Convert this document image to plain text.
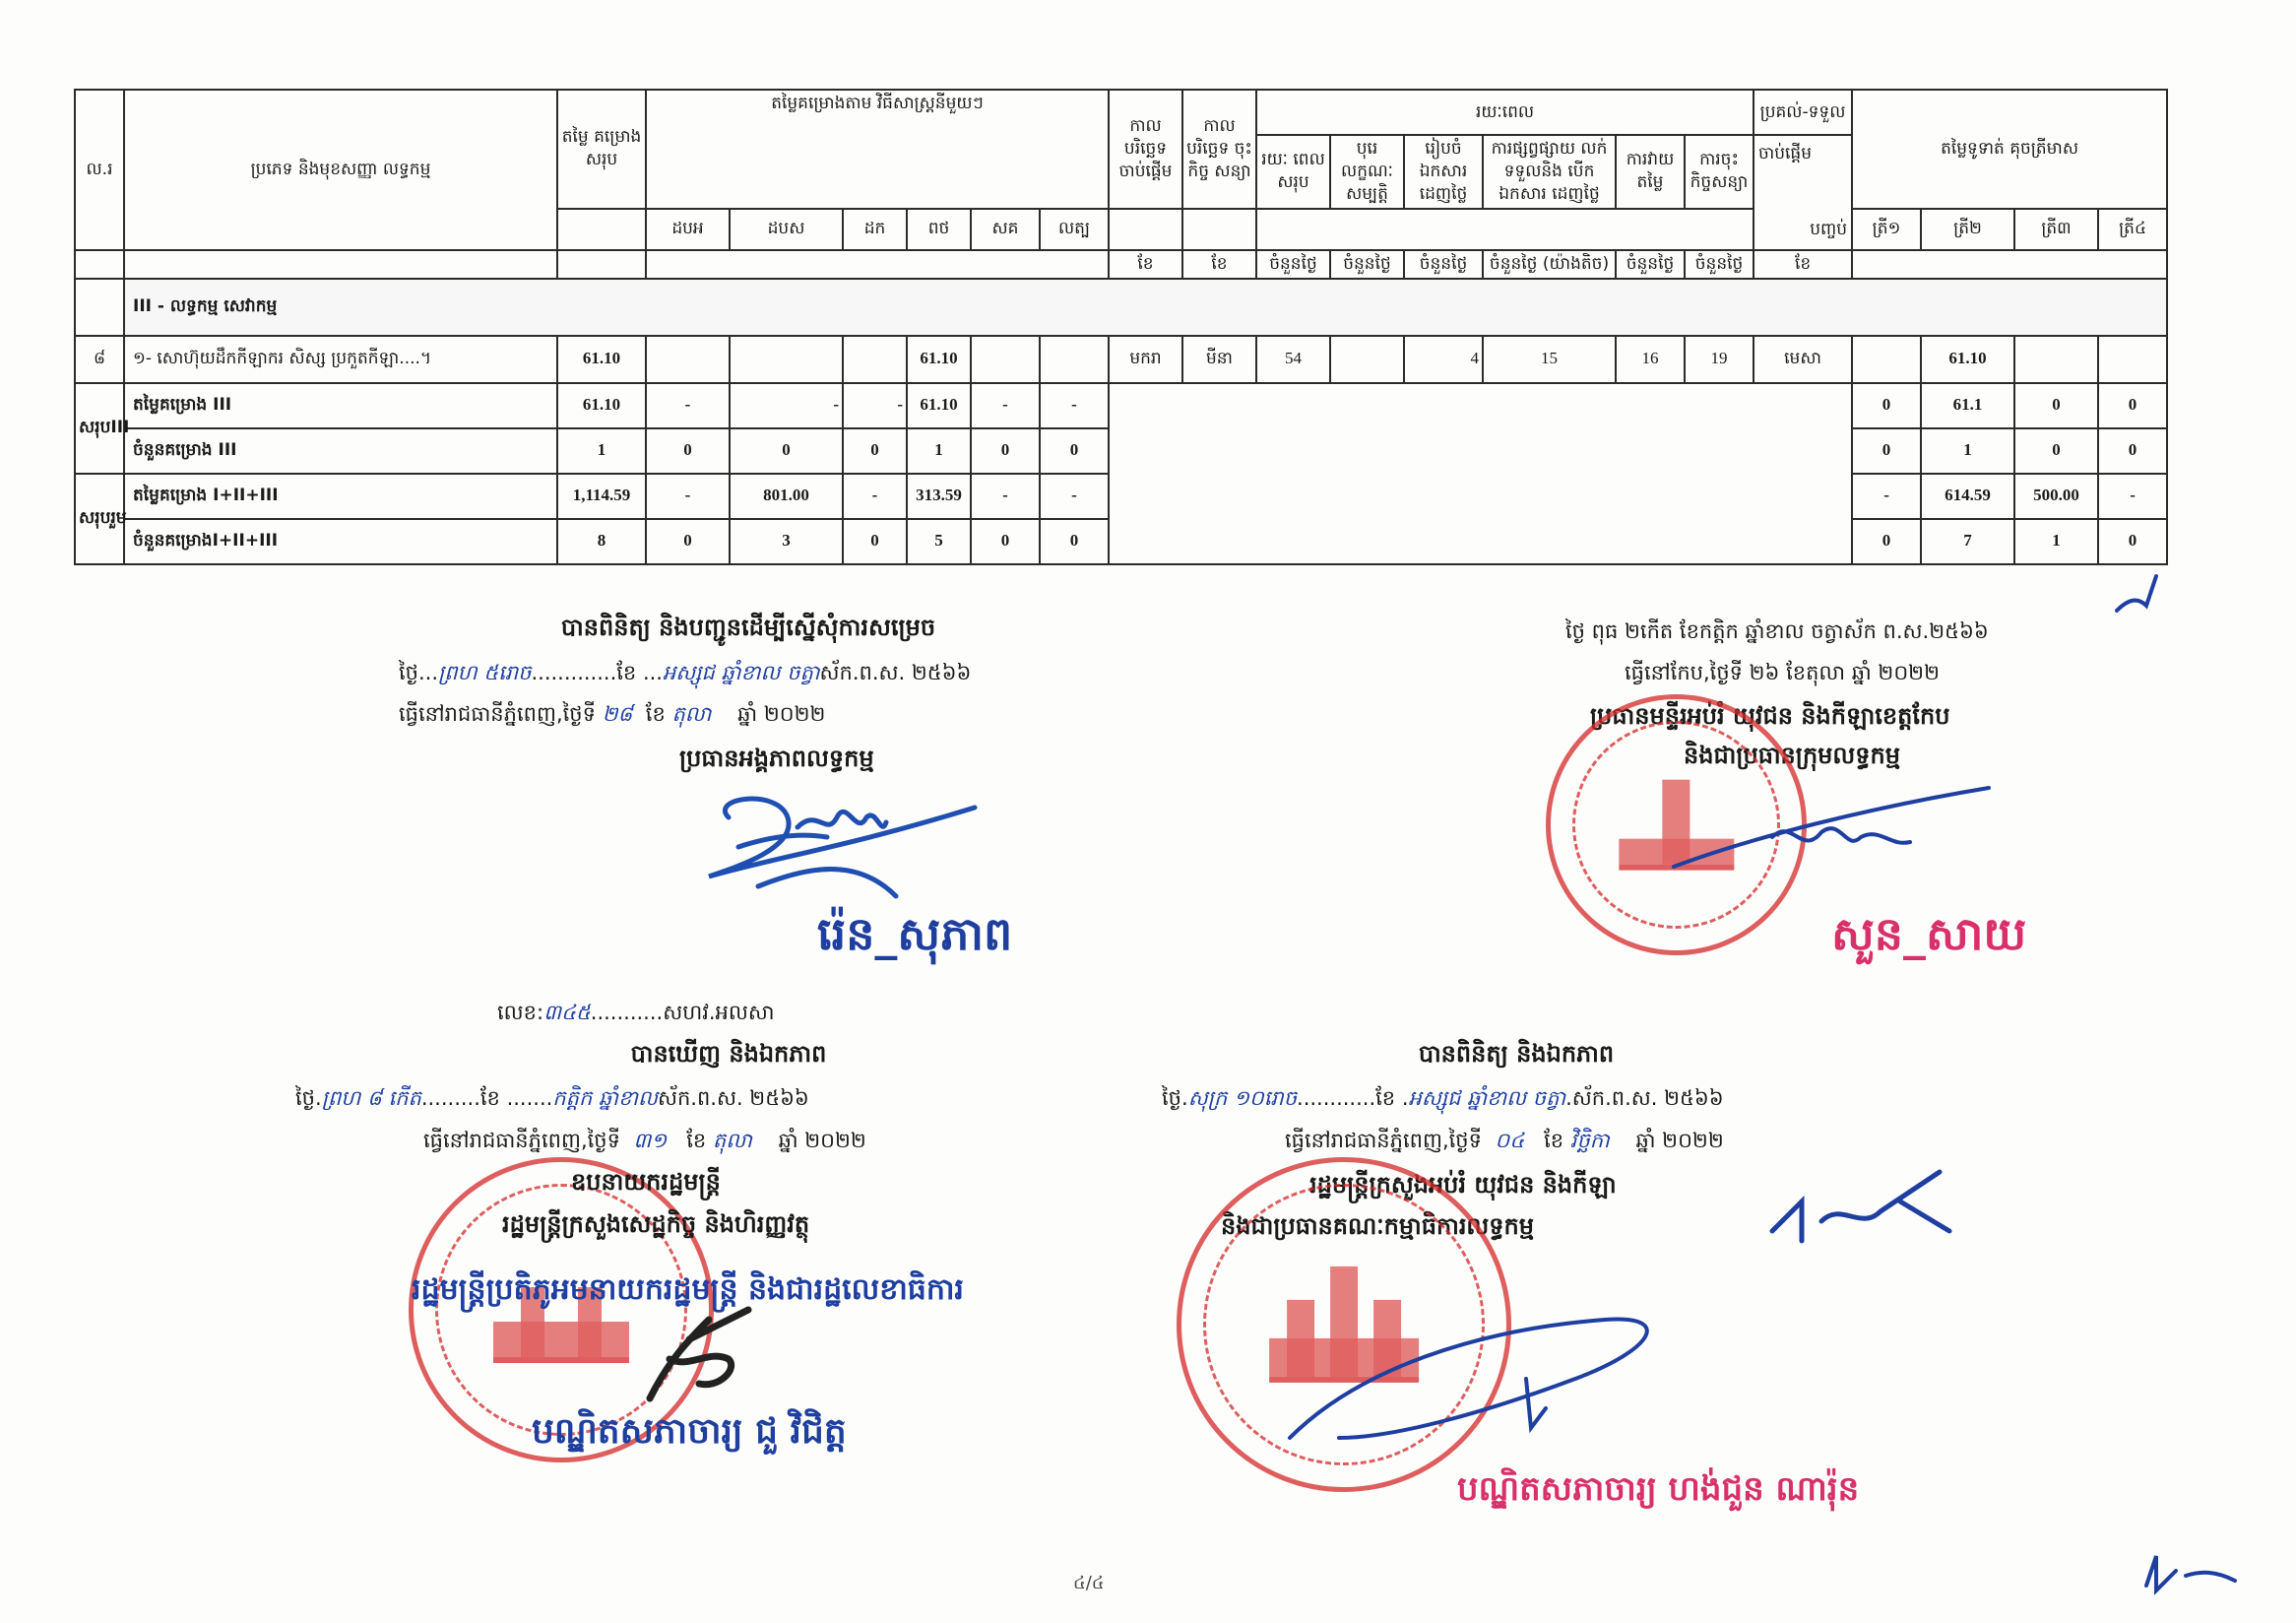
ល.រ	ប្រភេទ និងមុខសញ្ញា លទ្ធកម្ម	តម្លៃ គម្រោង សរុប	តម្លៃគម្រោងតាម វិធីសាស្ត្រនីមួយៗ						កាល បរិច្ឆេទ ចាប់ផ្ដើម	កាល បរិច្ឆេទ ចុះកិច្ច សន្យា	រយៈពេល						ប្រគល់-ទទួល	តម្លៃទូទាត់ គុចត្រីមាស			
											រយៈ ពេល សរុប	បុរេ លក្ខណៈ សម្បត្តិ	រៀបចំ ឯកសារ ដេញថ្លៃ	ការផ្សព្វផ្សាយ លក់ទទួលនិង បើកឯកសារ ដេញថ្លៃ	ការវាយ តម្លៃ	ការចុះ កិច្ចសន្យា	ចាប់ផ្ដើម
បញ្ចប់				

			ដបអ	ដបស	ដក	ពថ	សគ	លត្ប										ត្រី១	ត្រី២	ត្រី៣	ត្រី៤
									ខែ	ខែ	ចំនួនថ្ងៃ	ចំនួនថ្ងៃ	ចំនួនថ្ងៃ	ចំនួនថ្ងៃ (យ៉ាងតិច)	ចំនួនថ្ងៃ	ចំនួនថ្ងៃ	ខែ				
	III - លទ្ធកម្ម សេវាកម្ម																				
៨	១- សោហ៊ុយដឹកកីឡាករ សិស្ស ប្រកួតកីឡា....។	61.10				61.10			មករា	មីនា	54		4	15	16	19	មេសា		61.10		
សរុបIII	តម្លៃគម្រោង III	61.10	-	-	-	61.10	-	-										0	61.1	0	0
	ចំនួនគម្រោង III	1	0	0	0	1	0	0										0	1	0	0
សរុបរួម	តម្លៃគម្រោង I+II+III	1,114.59	-	801.00	-	313.59	-	-										-	614.59	500.00	-
	ចំនួនគម្រោងI+II+III	8	0	3	0	5	0	0										0	7	1	0
បានពិនិត្យ និងបញ្ជូនដើម្បីស្នើសុំការសម្រេច
ថ្ងៃ...ព្រហ ៥រោច.............ខែ ...អស្សុជ ឆ្នាំខាល ចត្វាស័ក.ព.ស. ២៥៦៦
ធ្វើនៅរាជធានីភ្នំពេញ,ថ្ងៃទី ២៨ ខែ តុលា ឆ្នាំ ២០២២
ប្រធានអង្គភាពលទ្ធកម្ម
រ៉េន_សុភាព
ថ្ងៃ ពុធ ២កើត ខែកត្តិក ឆ្នាំខាល ចត្វាស័ក ព.ស.២៥៦៦
ធ្វើនៅកែប,ថ្ងៃទី ២៦ ខែតុលា ឆ្នាំ ២០២២
ប្រធានមន្ទីរអប់រំ យុវជន និងកីឡាខេត្តកែប
និងជាប្រធានក្រុមលទ្ធកម្ម
សួន_សាយ
លេខ:៣៤៥...........សហវ.អលសា
បានឃើញ និងឯកភាព
ថ្ងៃ.ព្រហ ៨ កើត.........ខែ .......កត្តិក ឆ្នាំខាលស័ក.ព.ស. ២៥៦៦
ធ្វើនៅរាជធានីភ្នំពេញ,ថ្ងៃទី ៣១ ខែ តុលា ឆ្នាំ ២០២២
ឧបនាយករដ្ឋមន្ត្រី
រដ្ឋមន្ត្រីក្រសួងសេដ្ឋកិច្ច និងហិរញ្ញវត្ថុ
រដ្ឋមន្ត្រីប្រតិភូអមនាយករដ្ឋមន្ត្រី និងជារដ្ឋលេខាធិការ
បណ្ឌិតសភាចារ្យ ជួ វិជិត្ត
បានពិនិត្យ និងឯកភាព
ថ្ងៃ.សុក្រ ១០រោច............ខែ .អស្សុជ ឆ្នាំខាល ចត្វា.ស័ក.ព.ស. ២៥៦៦
ធ្វើនៅរាជធានីភ្នំពេញ,ថ្ងៃទី ០៤ ខែ វិច្ឆិកា ឆ្នាំ ២០២២
រដ្ឋមន្ត្រីក្រសួងអប់រំ យុវជន និងកីឡា
និងជាប្រធានគណៈកម្មាធិការលទ្ធកម្ម
បណ្ឌិតសភាចារ្យ ហង់ជួន ណារ៉ុន
៤/៤
